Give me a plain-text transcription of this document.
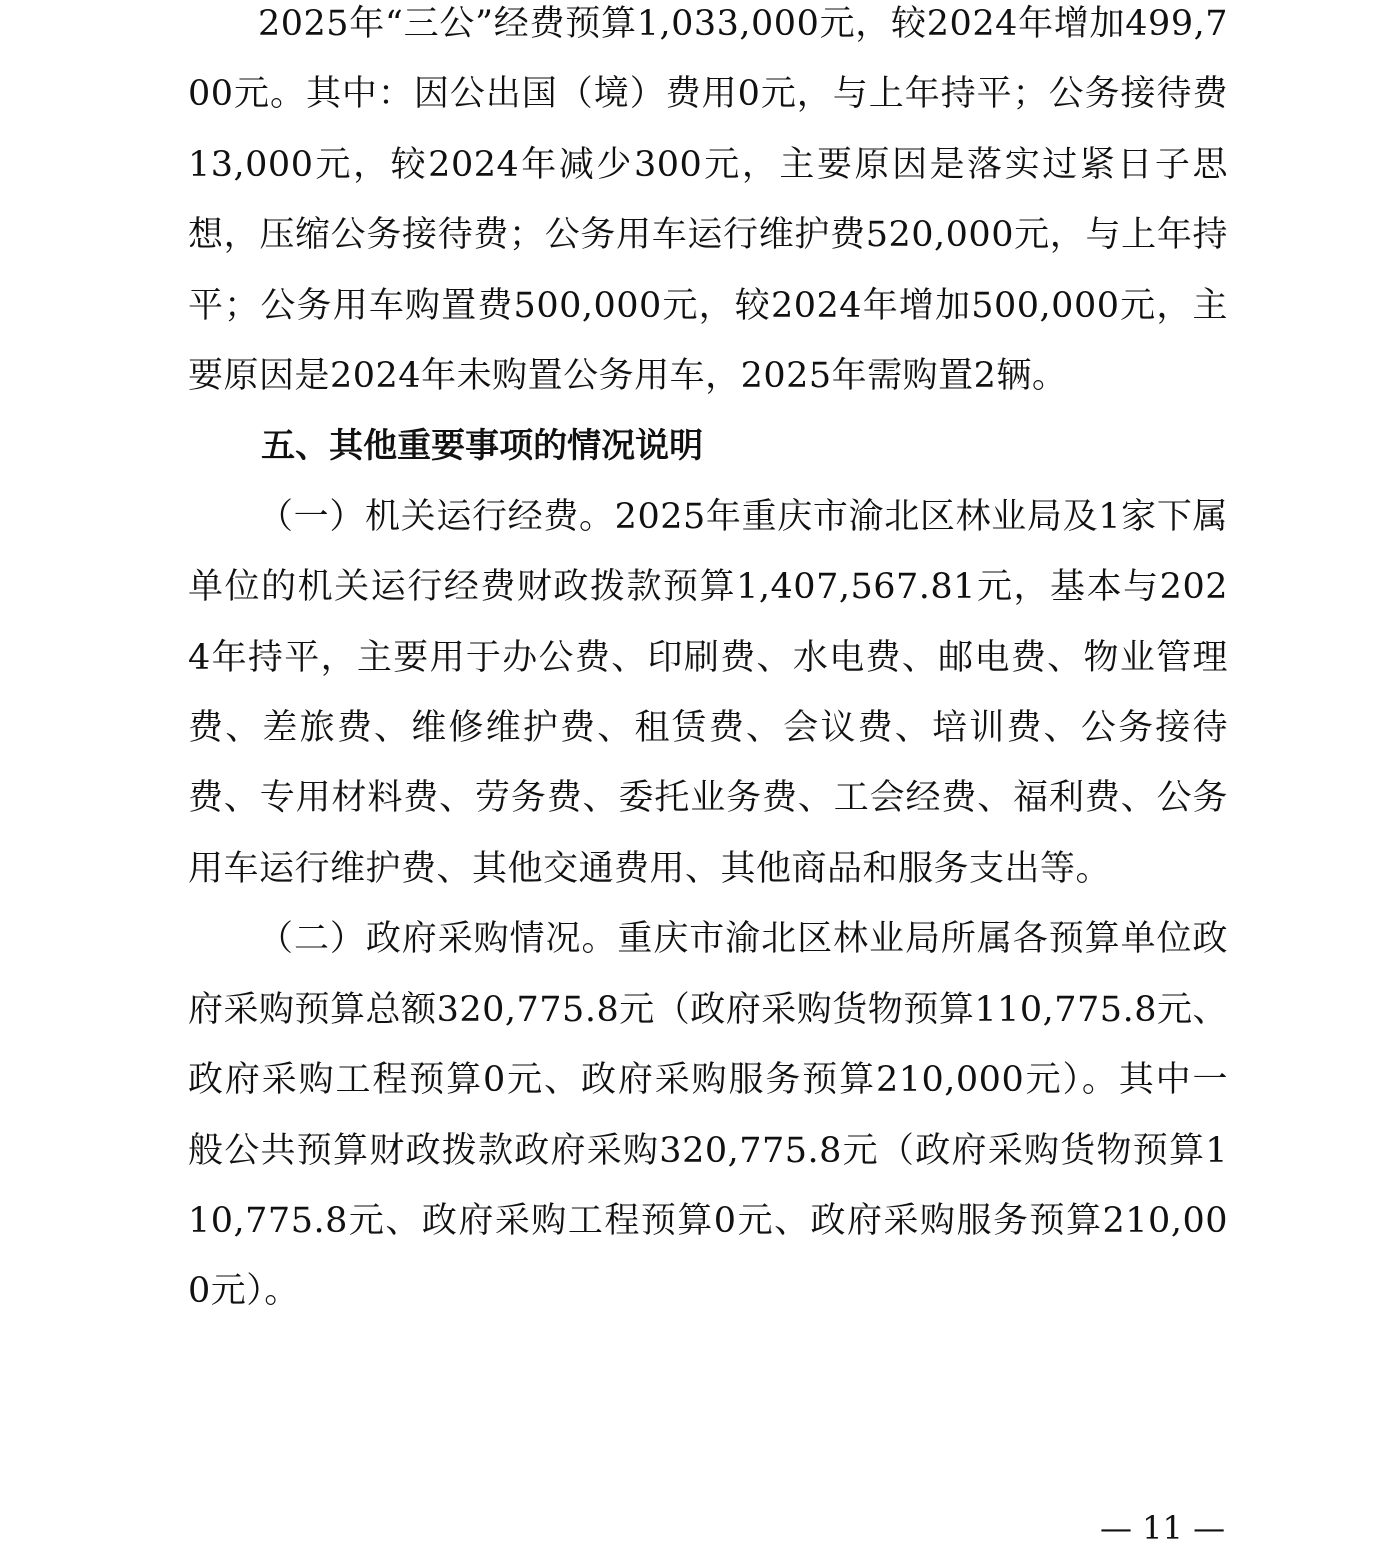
2025年“三公”经费预算1,033,000元，较2024年增加499,700元。其中：因公出国（境）费用0元，与上年持平；公务接待费13,000元，较2024年减少300元，主要原因是落实过紧日子思想，压缩公务接待费；公务用车运行维护费520,000元，与上年持平；公务用车购置费500,000元，较2024年增加500,000元，主要原因是2024年未购置公务用车，2025年需购置2辆。

五、其他重要事项的情况说明

（一）机关运行经费。2025年重庆市渝北区林业局及1家下属单位的机关运行经费财政拨款预算1,407,567.81元，基本与2024年持平，主要用于办公费、印刷费、水电费、邮电费、物业管理费、差旅费、维修维护费、租赁费、会议费、培训费、公务接待费、专用材料费、劳务费、委托业务费、工会经费、福利费、公务用车运行维护费、其他交通费用、其他商品和服务支出等。

（二）政府采购情况。重庆市渝北区林业局所属各预算单位政府采购预算总额320,775.8元（政府采购货物预算110,775.8元、政府采购工程预算0元、政府采购服务预算210,000元）。其中一般公共预算财政拨款政府采购320,775.8元（政府采购货物预算110,775.8元、政府采购工程预算0元、政府采购服务预算210,000元）。

— 11 —
